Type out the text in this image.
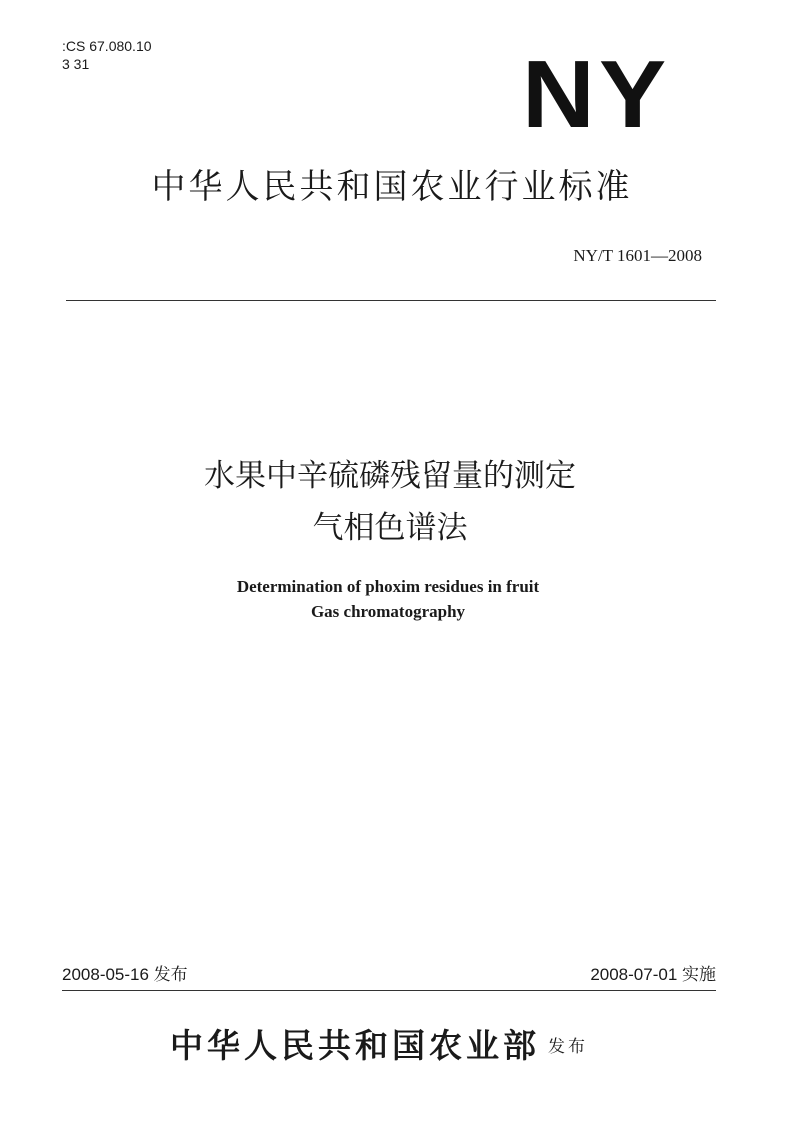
:CS 67.080.10
3 31	NY
中华人民共和国农业行业标准
NY/T 1601—2008
水果中辛硫磷残留量的测定
气相色谱法
Determination of phoxim residues in fruit
Gas chromatography
2008-05-16 发布	2008-07-01 实施
中华人民共和国农业部 发布
